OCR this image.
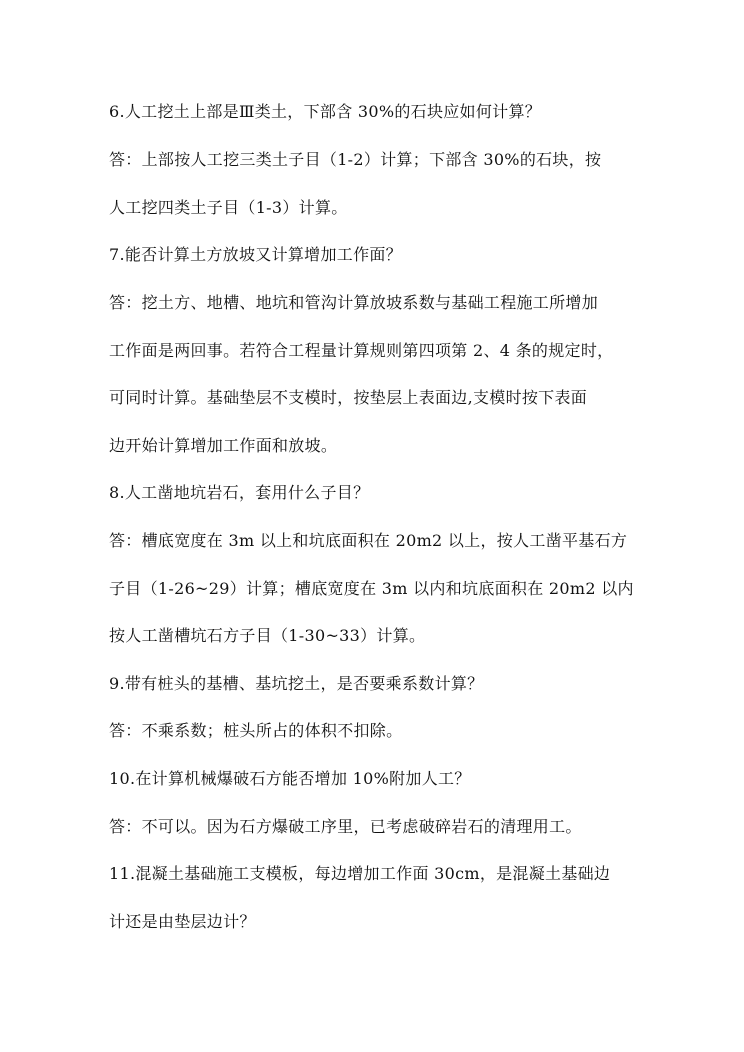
6.人工挖土上部是Ⅲ类土，下部含 30%的石块应如何计算？
答：上部按人工挖三类土子目（1-2）计算；下部含 30%的石块，按
人工挖四类土子目（1-3）计算。
7.能否计算土方放坡又计算增加工作面？
答：挖土方、地槽、地坑和管沟计算放坡系数与基础工程施工所增加
工作面是两回事。若符合工程量计算规则第四项第 2、4 条的规定时，
可同时计算。基础垫层不支模时，按垫层上表面边,支模时按下表面
边开始计算增加工作面和放坡。
8.人工凿地坑岩石，套用什么子目？
答：槽底宽度在 3m 以上和坑底面积在 20m2 以上，按人工凿平基石方
子目（1-26~29）计算；槽底宽度在 3m 以内和坑底面积在 20m2 以内
按人工凿槽坑石方子目（1-30~33）计算。
9.带有桩头的基槽、基坑挖土，是否要乘系数计算？
答：不乘系数；桩头所占的体积不扣除。
10.在计算机械爆破石方能否增加 10%附加人工？
答：不可以。因为石方爆破工序里，已考虑破碎岩石的清理用工。
11.混凝土基础施工支模板，每边增加工作面 30cm，是混凝土基础边
计还是由垫层边计？
